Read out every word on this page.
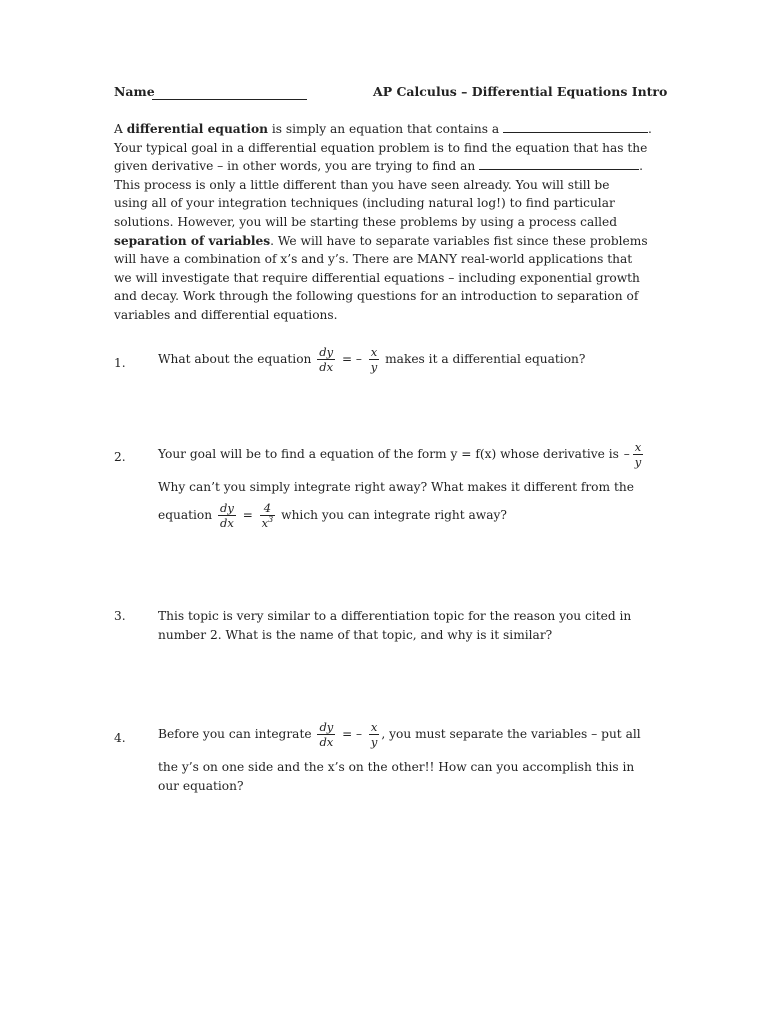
Name	AP Calculus – Differential Equations Intro
A differential equation is simply an equation that contains a	.
Your typical goal in a differential equation problem is to find the equation that has the
given derivative – in other words, you are trying to find an	.
This process is only a little different than you have seen already. You will still be
using all of your integration techniques (including natural log!) to find particular
solutions. However, you will be starting these problems by using a process called
separation of variables. We will have to separate variables fist since these problems
will have a combination of x’s and y’s. There are MANY real-world applications that
we will investigate that require differential equations – including exponential growth
and decay. Work through the following questions for an introduction to separation of
variables and differential equations.
1.	What about the equation $\frac{dy}{dx}$ = – $\frac{x}{y}$ makes it a differential equation?
2.	Your goal will be to find a equation of the form y = f(x) whose derivative is – $\frac{x}{y}$
Why can’t you simply integrate right away? What makes it different from the
equation $\frac{dy}{dx} = \frac{4}{x^3}$ which you can integrate right away?
3.	This topic is very similar to a differentiation topic for the reason you cited in
number 2. What is the name of that topic, and why is it similar?
4.	Before you can integrate $\frac{dy}{dx}$ = – $\frac{x}{y}$ , you must separate the variables – put all
the y’s on one side and the x’s on the other!! How can you accomplish this in
our equation?
